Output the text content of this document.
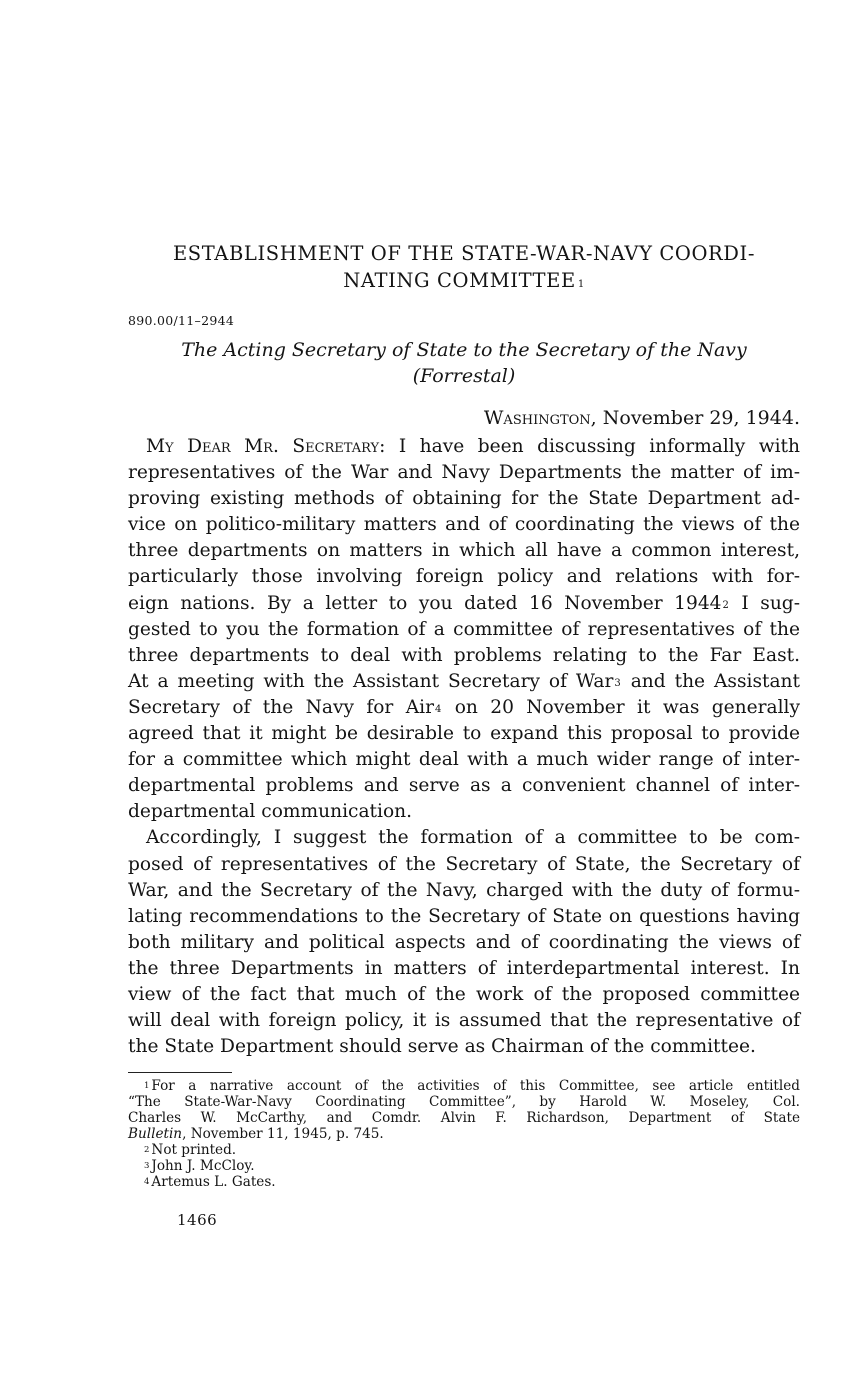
ESTABLISHMENT OF THE STATE-WAR-NAVY COORDI-
NATING COMMITTEE $^1$
890.00/11–2944
The Acting Secretary of State to the Secretary of the Navy
(Forrestal)
Washington, November 29, 1944.
My Dear Mr. Secretary: I have been discussing informally with
representatives of the War and Navy Departments the matter of im-
proving existing methods of obtaining for the State Department ad-
vice on politico-military matters and of coordinating the views of the
three departments on matters in which all have a common interest,
particularly those involving foreign policy and relations with for-
eign nations. By a letter to you dated 16 November 1944$^2$ I sug-
gested to you the formation of a committee of representatives of the
three departments to deal with problems relating to the Far East.
At a meeting with the Assistant Secretary of War$^3$ and the Assistant
Secretary of the Navy for Air$^4$ on 20 November it was generally
agreed that it might be desirable to expand this proposal to provide
for a committee which might deal with a much wider range of inter-
departmental problems and serve as a convenient channel of inter-
departmental communication.
Accordingly, I suggest the formation of a committee to be com-
posed of representatives of the Secretary of State, the Secretary of
War, and the Secretary of the Navy, charged with the duty of formu-
lating recommendations to the Secretary of State on questions having
both military and political aspects and of coordinating the views of
the three Departments in matters of interdepartmental interest. In
view of the fact that much of the work of the proposed committee
will deal with foreign policy, it is assumed that the representative of
the State Department should serve as Chairman of the committee.
$^1$ For a narrative account of the activities of this Committee, see article entitled
“The State-War-Navy Coordinating Committee”, by Harold W. Moseley, Col.
Charles W. McCarthy, and Comdr. Alvin F. Richardson, Department of State
Bulletin, November 11, 1945, p. 745.
$^2$ Not printed.
$^3$ John J. McCloy.
$^4$ Artemus L. Gates.
1466
